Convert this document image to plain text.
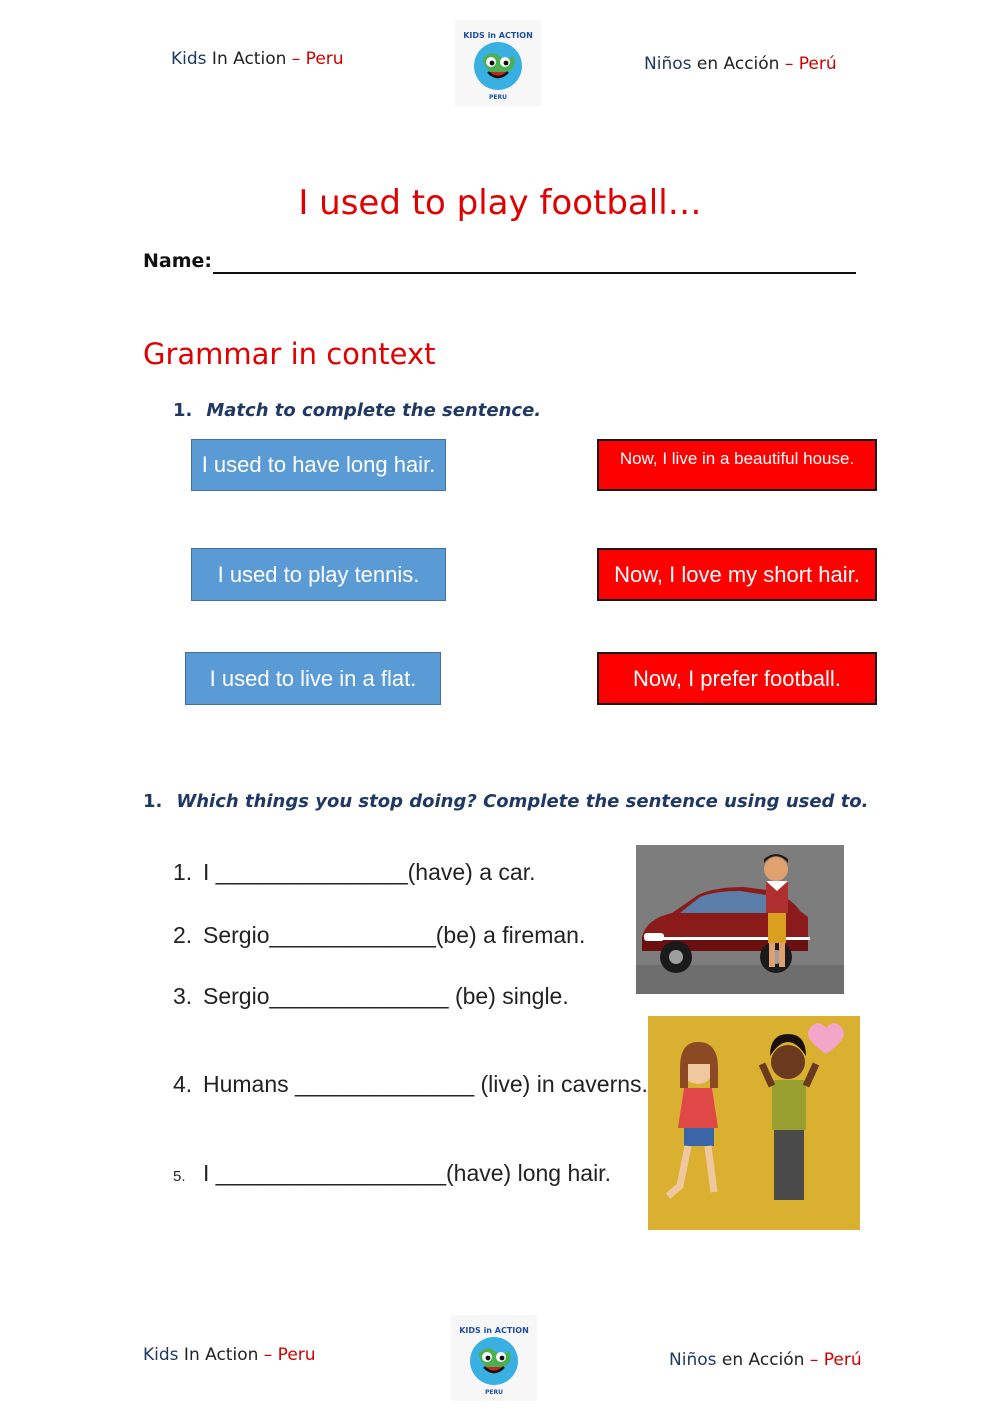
Kids In Action – Peru
KIDS in ACTION
PERU
Niños en Acción – Perú
I used to play football…
Name:
Grammar in context
1. Match to complete the sentence.
I used to have long hair.
I used to play tennis.
I used to live in a flat.
Now, I live in a beautiful house.
Now, I love my short hair.
Now, I prefer football.
1. Which things you stop doing? Complete the sentence using used to.
1. I _______________(have) a car.
2. Sergio_____________(be) a fireman.
3. Sergio______________ (be) single.
4. Humans ______________ (live) in caverns.
5. I __________________(have) long hair.
Kids In Action – Peru
KIDS in ACTION
PERU
Niños en Acción – Perú
